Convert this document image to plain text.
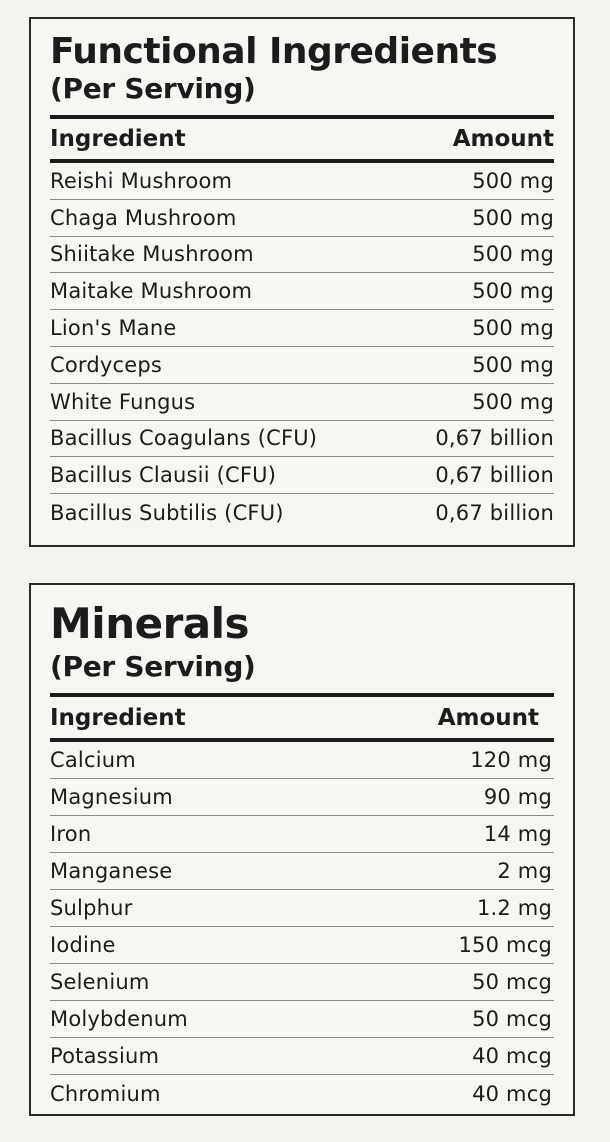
Functional Ingredients
(Per Serving)
Ingredient	Amount
Reishi Mushroom	500 mg
Chaga Mushroom	500 mg
Shiitake Mushroom	500 mg
Maitake Mushroom	500 mg
Lion's Mane	500 mg
Cordyceps	500 mg
White Fungus	500 mg
Bacillus Coagulans (CFU)	0,67 billion
Bacillus Clausii (CFU)	0,67 billion
Bacillus Subtilis (CFU)	0,67 billion
Minerals
(Per Serving)
Ingredient	Amount
Calcium	120 mg
Magnesium	90 mg
Iron	14 mg
Manganese	2 mg
Sulphur	1.2 mg
Iodine	150 mcg
Selenium	50 mcg
Molybdenum	50 mcg
Potassium	40 mcg
Chromium	40 mcg
